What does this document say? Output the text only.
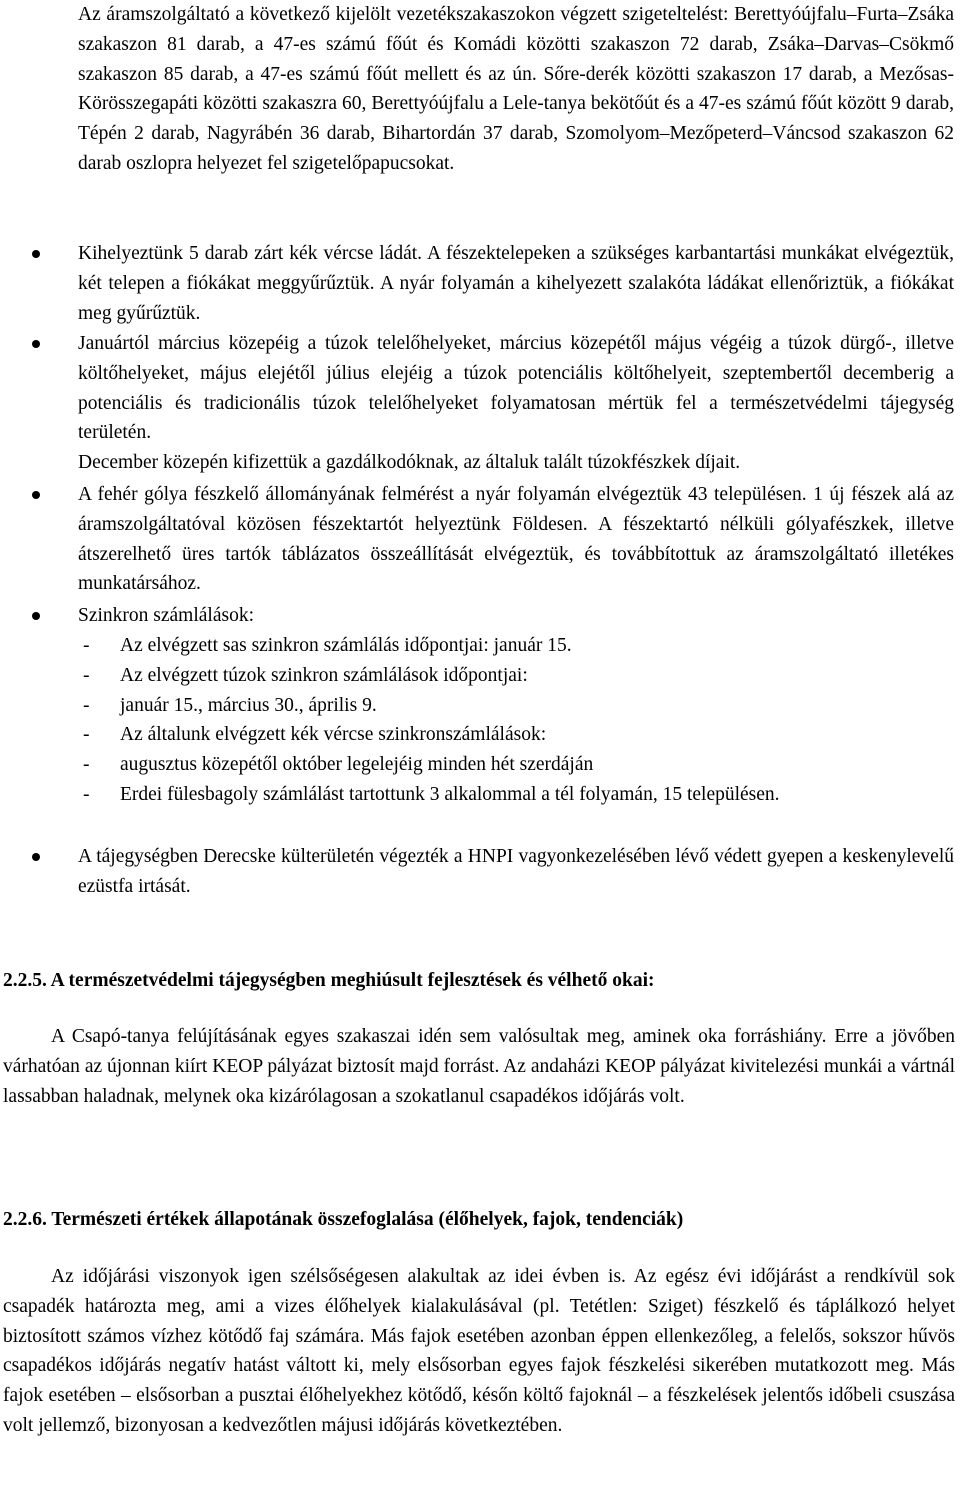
Az áramszolgáltató a következő kijelölt vezetékszakaszokon végzett szigeteltelést: Berettyóújfalu–Furta–Zsáka szakaszon 81 darab, a 47-es számú főút és Komádi közötti szakaszon 72 darab, Zsáka–Darvas–Csökmő szakaszon 85 darab, a 47-es számú főút mellett és az ún. Sőre-derék közötti szakaszon 17 darab, a Mezősas-Körösszegapáti közötti szakaszra 60, Berettyóújfalu a Lele-tanya bekötőút és a 47-es számú főút között 9 darab, Tépén 2 darab, Nagyrábén 36 darab, Bihartordán 37 darab, Szomolyom–Mezőpeterd–Váncsod szakaszon 62 darab oszlopra helyezet fel szigetelőpapucsokat.
Kihelyeztünk 5 darab zárt kék vércse ládát. A fészektelepeken a szükséges karbantartási munkákat elvégeztük, két telepen a fiókákat meggyűrűztük. A nyár folyamán a kihelyezett szalakóta ládákat ellenőriztük, a fiókákat meg gyűrűztük.
Januártól március közepéig a túzok telelőhelyeket, március közepétől május végéig a túzok dürgő-, illetve költőhelyeket, május elejétől július elejéig a túzok potenciális költőhelyeit, szeptembertől decemberig a potenciális és tradicionális túzok telelőhelyeket folyamatosan mértük fel a természetvédelmi tájegység területén.
December közepén kifizettük a gazdálkodóknak, az általuk talált túzokfészkek díjait.
A fehér gólya fészkelő állományának felmérést a nyár folyamán elvégeztük 43 településen. 1 új fészek alá az áramszolgáltatóval közösen fészektartót helyeztünk Földesen. A fészektartó nélküli gólyafészkek, illetve átszerelhető üres tartók táblázatos összeállítását elvégeztük, és továbbítottuk az áramszolgáltató illetékes munkatársához.
Szinkron számlálások:
- Az elvégzett sas szinkron számlálás időpontjai: január 15.
- Az elvégzett túzok szinkron számlálások időpontjai:
- január 15., március 30., április 9.
- Az általunk elvégzett kék vércse szinkronszámlálások:
- augusztus közepétől október legelejéig minden hét szerdáján
- Erdei fülesbagoly számlálást tartottunk 3 alkalommal a tél folyamán, 15 településen.
A tájegységben Derecske külterületén végezték a HNPI vagyonkezelésében lévő védett gyepen a keskenylevelű ezüstfa irtását.
2.2.5. A természetvédelmi tájegységben meghiúsult fejlesztések és vélhető okai:
A Csapó-tanya felújításának egyes szakaszai idén sem valósultak meg, aminek oka forráshiány. Erre a jövőben várhatóan az újonnan kiírt KEOP pályázat biztosít majd forrást. Az andaházi KEOP pályázat kivitelezési munkái a vártnál lassabban haladnak, melynek oka kizárólagosan a szokatlanul csapadékos időjárás volt.
2.2.6. Természeti értékek állapotának összefoglalása (élőhelyek, fajok, tendenciák)
Az időjárási viszonyok igen szélsőségesen alakultak az idei évben is. Az egész évi időjárást a rendkívül sok csapadék határozta meg, ami a vizes élőhelyek kialakulásával (pl. Tetétlen: Sziget) fészkelő és táplálkozó helyet biztosított számos vízhez kötődő faj számára. Más fajok esetében azonban éppen ellenkezőleg, a felelős, sokszor hűvös csapadékos időjárás negatív hatást váltott ki, mely elsősorban egyes fajok fészkelési sikerében mutatkozott meg. Más fajok esetében – elsősorban a pusztai élőhelyekhez kötődő, későn költő fajoknál – a fészkelések jelentős időbeli csuszása volt jellemző, bizonyosan a kedvezőtlen májusi időjárás következtében.
